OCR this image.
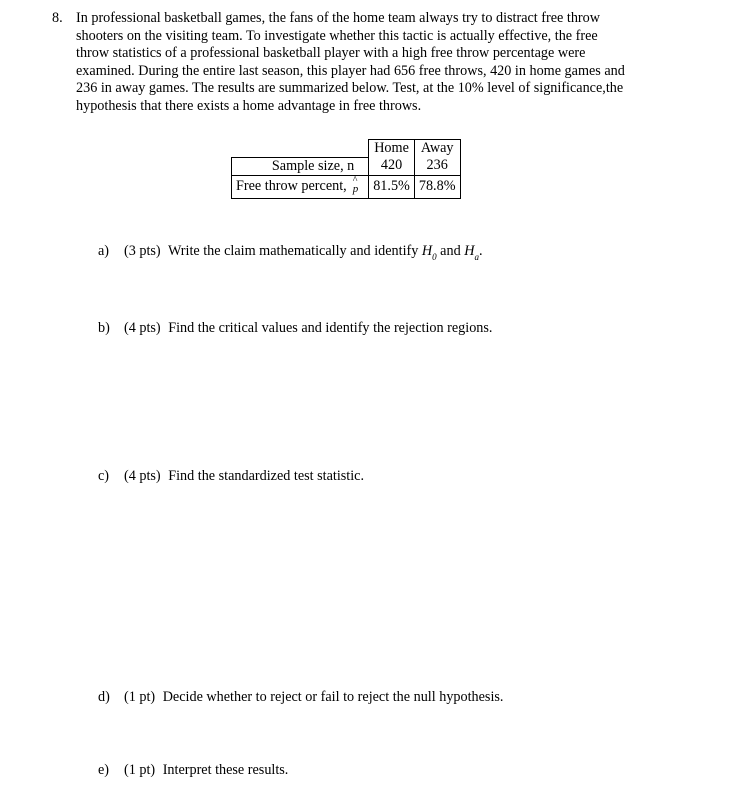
8. In professional basketball games, the fans of the home team always try to distract free throw
shooters on the visiting team. To investigate whether this tactic is actually effective, the free
throw statistics of a professional basketball player with a high free throw percentage were
examined. During the entire last season, this player had 656 free throws, 420 in home games and
236 in away games. The results are summarized below. Test, at the 10% level of significance,the
hypothesis that there exists a home advantage in free throws.
	Home	Away
Sample size, n	420	236
Free throw percent, ^ p	81.5%	78.8%
a) (3 pts) Write the claim mathematically and identify $H_0$ and $H_a$.
b) (4 pts) Find the critical values and identify the rejection regions.
c) (4 pts) Find the standardized test statistic.
d) (1 pt) Decide whether to reject or fail to reject the null hypothesis.
e) (1 pt) Interpret these results.
